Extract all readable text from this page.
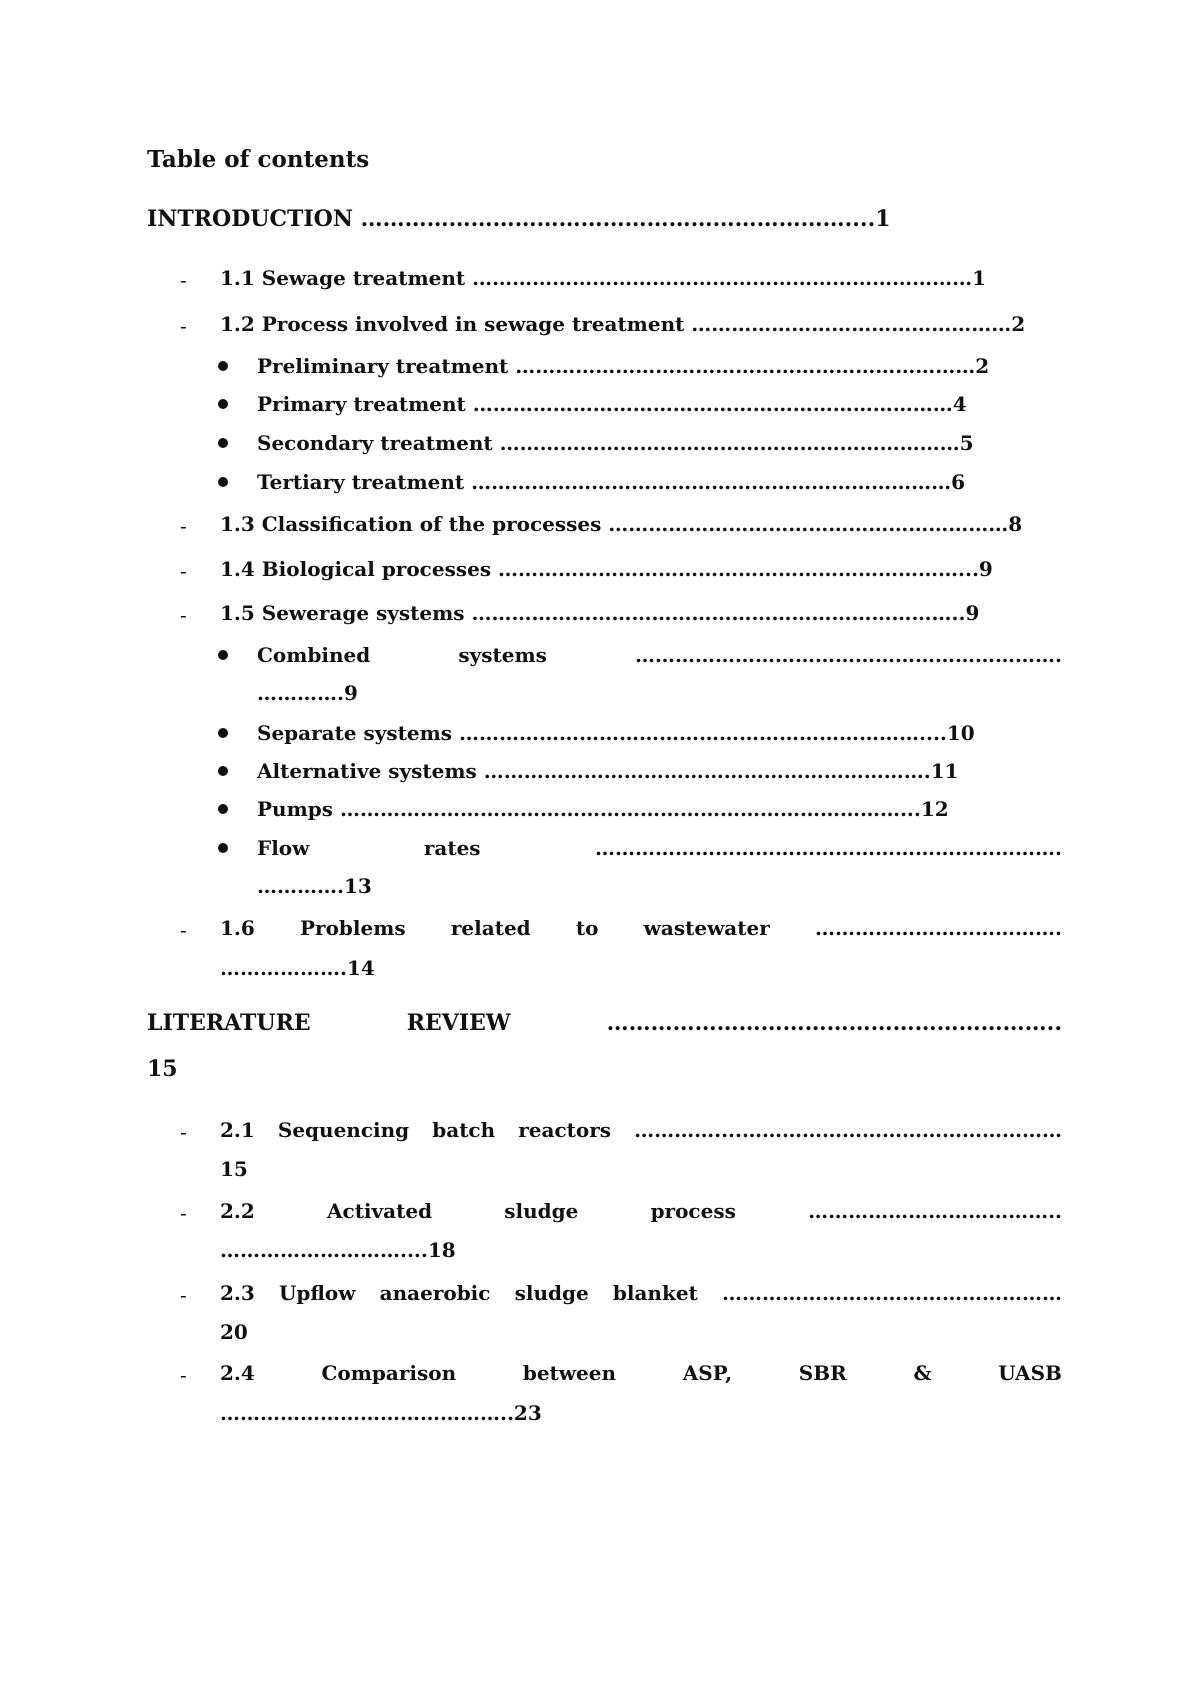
Table of contents
INTRODUCTION …………………………………………………………....1
- 1.1 Sewage treatment …………………………………………………………………1
- 1.2 Process involved in sewage treatment …………………………………………2
Preliminary treatment ……………………………………………………………2
Primary treatment ………………………………………………………………4
Secondary treatment ……………………………………………………………5
Tertiary treatment ………………………………………………………………6
- 1.3 Classification of the processes ……………………………………………………8
- 1.4 Biological processes ……………………………………………………………...9
- 1.5 Sewerage systems ………………………………………………………………..9
Combined	systems	……………………………………………………….
………….9
Separate systems ……………………………………………………………....10
Alternative systems ………………………………………………………….11
Pumps …………………………………………………………………………...12
Flow	rates	…………………………………………………………….
………….13
- 1.6 Problems related to wastewater ……………………………….
……………….14
LITERATURE	REVIEW	……………………………………………………..
15
- 2.1 Sequencing batch reactors …………....…………………………………………
15
- 2.2	Activated	sludge	process	………………………………..
………………………....18
- 2.3 Upflow anaerobic sludge blanket ……………………………………………
20
- 2.4	Comparison	between	ASP,	SBR	&	UASB
……………………………………..23
